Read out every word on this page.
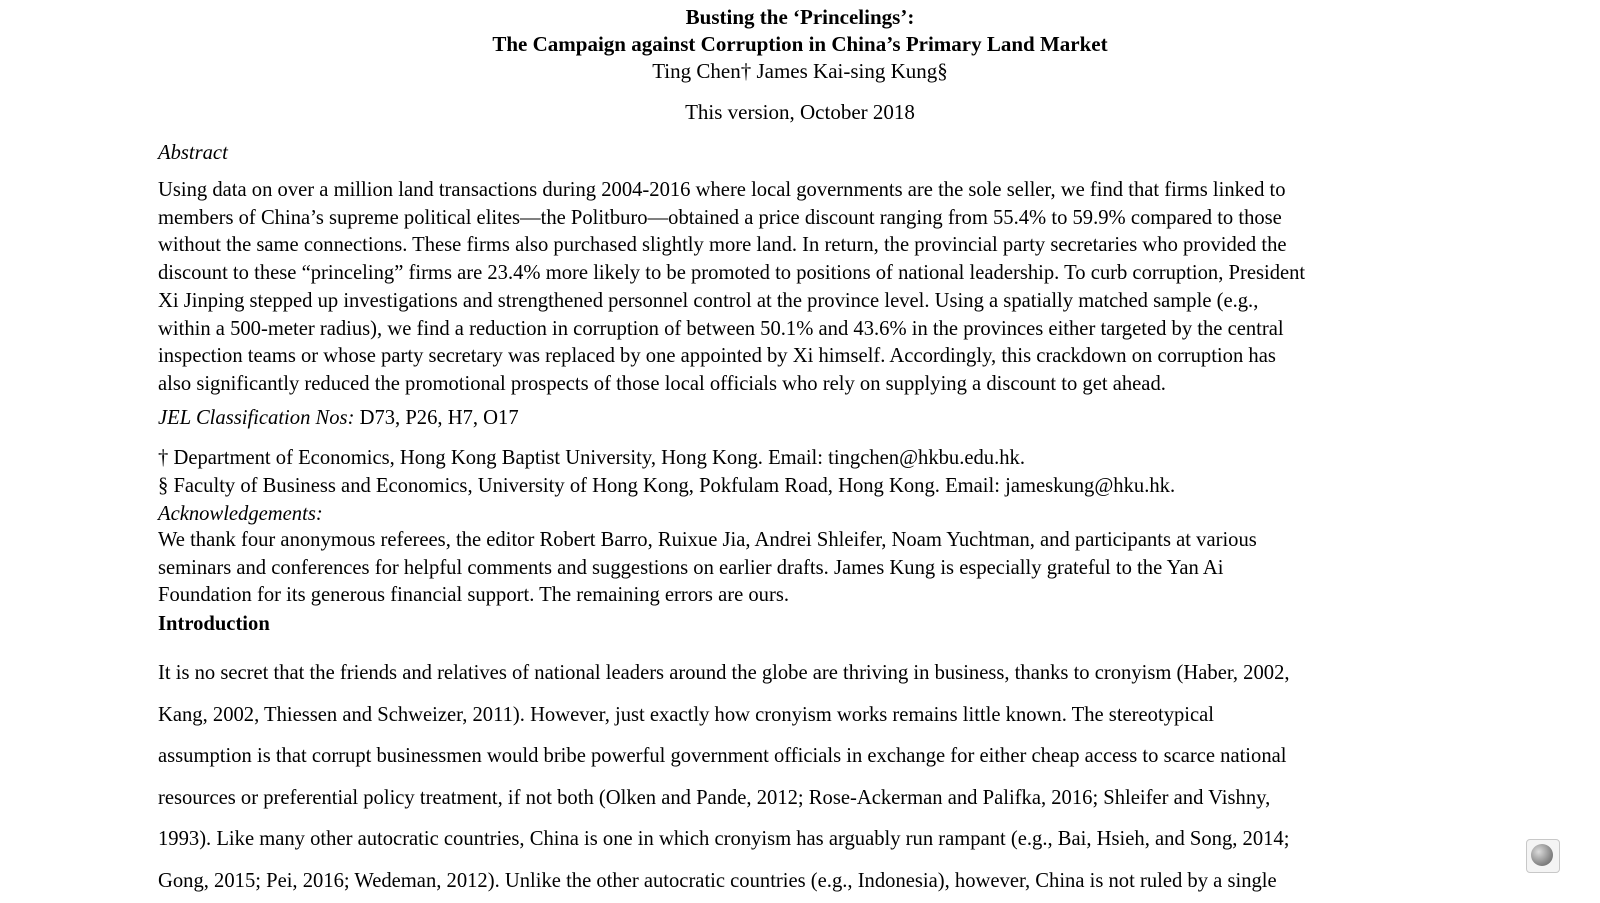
Busting the ‘Princelings’:
The Campaign against Corruption in China’s Primary Land Market
Ting Chen† James Kai-sing Kung§
This version, October 2018
Abstract
Using data on over a million land transactions during 2004-2016 where local governments are the sole seller, we find that firms linked to
members of China’s supreme political elites—the Politburo—obtained a price discount ranging from 55.4% to 59.9% compared to those
without the same connections. These firms also purchased slightly more land. In return, the provincial party secretaries who provided the
discount to these “princeling” firms are 23.4% more likely to be promoted to positions of national leadership. To curb corruption, President
Xi Jinping stepped up investigations and strengthened personnel control at the province level. Using a spatially matched sample (e.g.,
within a 500-meter radius), we find a reduction in corruption of between 50.1% and 43.6% in the provinces either targeted by the central
inspection teams or whose party secretary was replaced by one appointed by Xi himself. Accordingly, this crackdown on corruption has
also significantly reduced the promotional prospects of those local officials who rely on supplying a discount to get ahead.
JEL Classification Nos: D73, P26, H7, O17
† Department of Economics, Hong Kong Baptist University, Hong Kong. Email: tingchen@hkbu.edu.hk.
§ Faculty of Business and Economics, University of Hong Kong, Pokfulam Road, Hong Kong. Email: jameskung@hku.hk.
Acknowledgements:
We thank four anonymous referees, the editor Robert Barro, Ruixue Jia, Andrei Shleifer, Noam Yuchtman, and participants at various
seminars and conferences for helpful comments and suggestions on earlier drafts. James Kung is especially grateful to the Yan Ai
Foundation for its generous financial support. The remaining errors are ours.
Introduction
It is no secret that the friends and relatives of national leaders around the globe are thriving in business, thanks to cronyism (Haber, 2002,
Kang, 2002, Thiessen and Schweizer, 2011). However, just exactly how cronyism works remains little known. The stereotypical
assumption is that corrupt businessmen would bribe powerful government officials in exchange for either cheap access to scarce national
resources or preferential policy treatment, if not both (Olken and Pande, 2012; Rose-Ackerman and Palifka, 2016; Shleifer and Vishny,
1993). Like many other autocratic countries, China is one in which cronyism has arguably run rampant (e.g., Bai, Hsieh, and Song, 2014;
Gong, 2015; Pei, 2016; Wedeman, 2012). Unlike the other autocratic countries (e.g., Indonesia), however, China is not ruled by a single
